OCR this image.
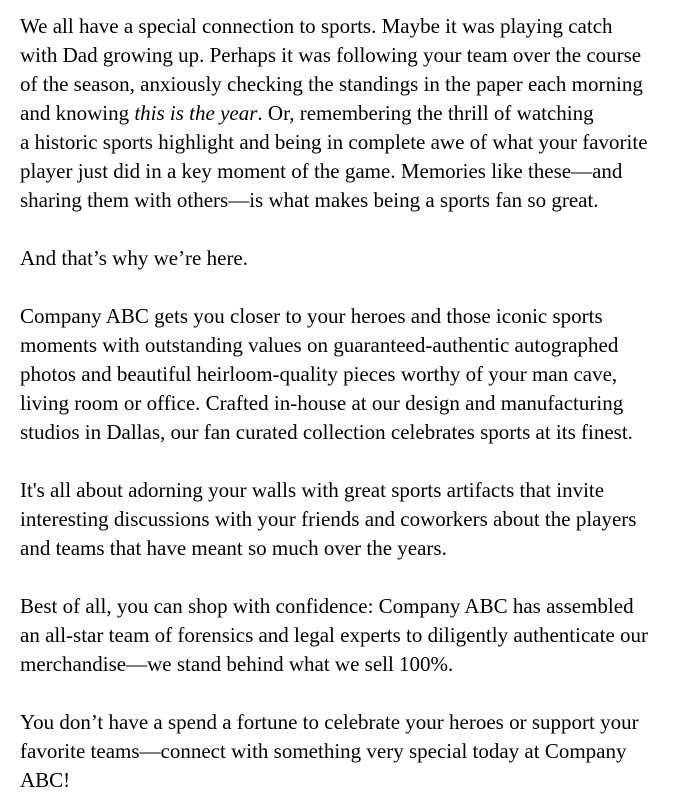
We all have a special connection to sports. Maybe it was playing catch
with Dad growing up. Perhaps it was following your team over the course
of the season, anxiously checking the standings in the paper each morning
and knowing this is the year. Or, remembering the thrill of watching
a historic sports highlight and being in complete awe of what your favorite
player just did in a key moment of the game. Memories like these—and
sharing them with others—is what makes being a sports fan so great.

And that’s why we’re here.

Company ABC gets you closer to your heroes and those iconic sports
moments with outstanding values on guaranteed-authentic autographed
photos and beautiful heirloom-quality pieces worthy of your man cave,
living room or office. Crafted in-house at our design and manufacturing
studios in Dallas, our fan curated collection celebrates sports at its finest.

It's all about adorning your walls with great sports artifacts that invite
interesting discussions with your friends and coworkers about the players
and teams that have meant so much over the years.

Best of all, you can shop with confidence: Company ABC has assembled
an all-star team of forensics and legal experts to diligently authenticate our
merchandise—we stand behind what we sell 100%.

You don’t have a spend a fortune to celebrate your heroes or support your
favorite teams—connect with something very special today at Company
ABC!
